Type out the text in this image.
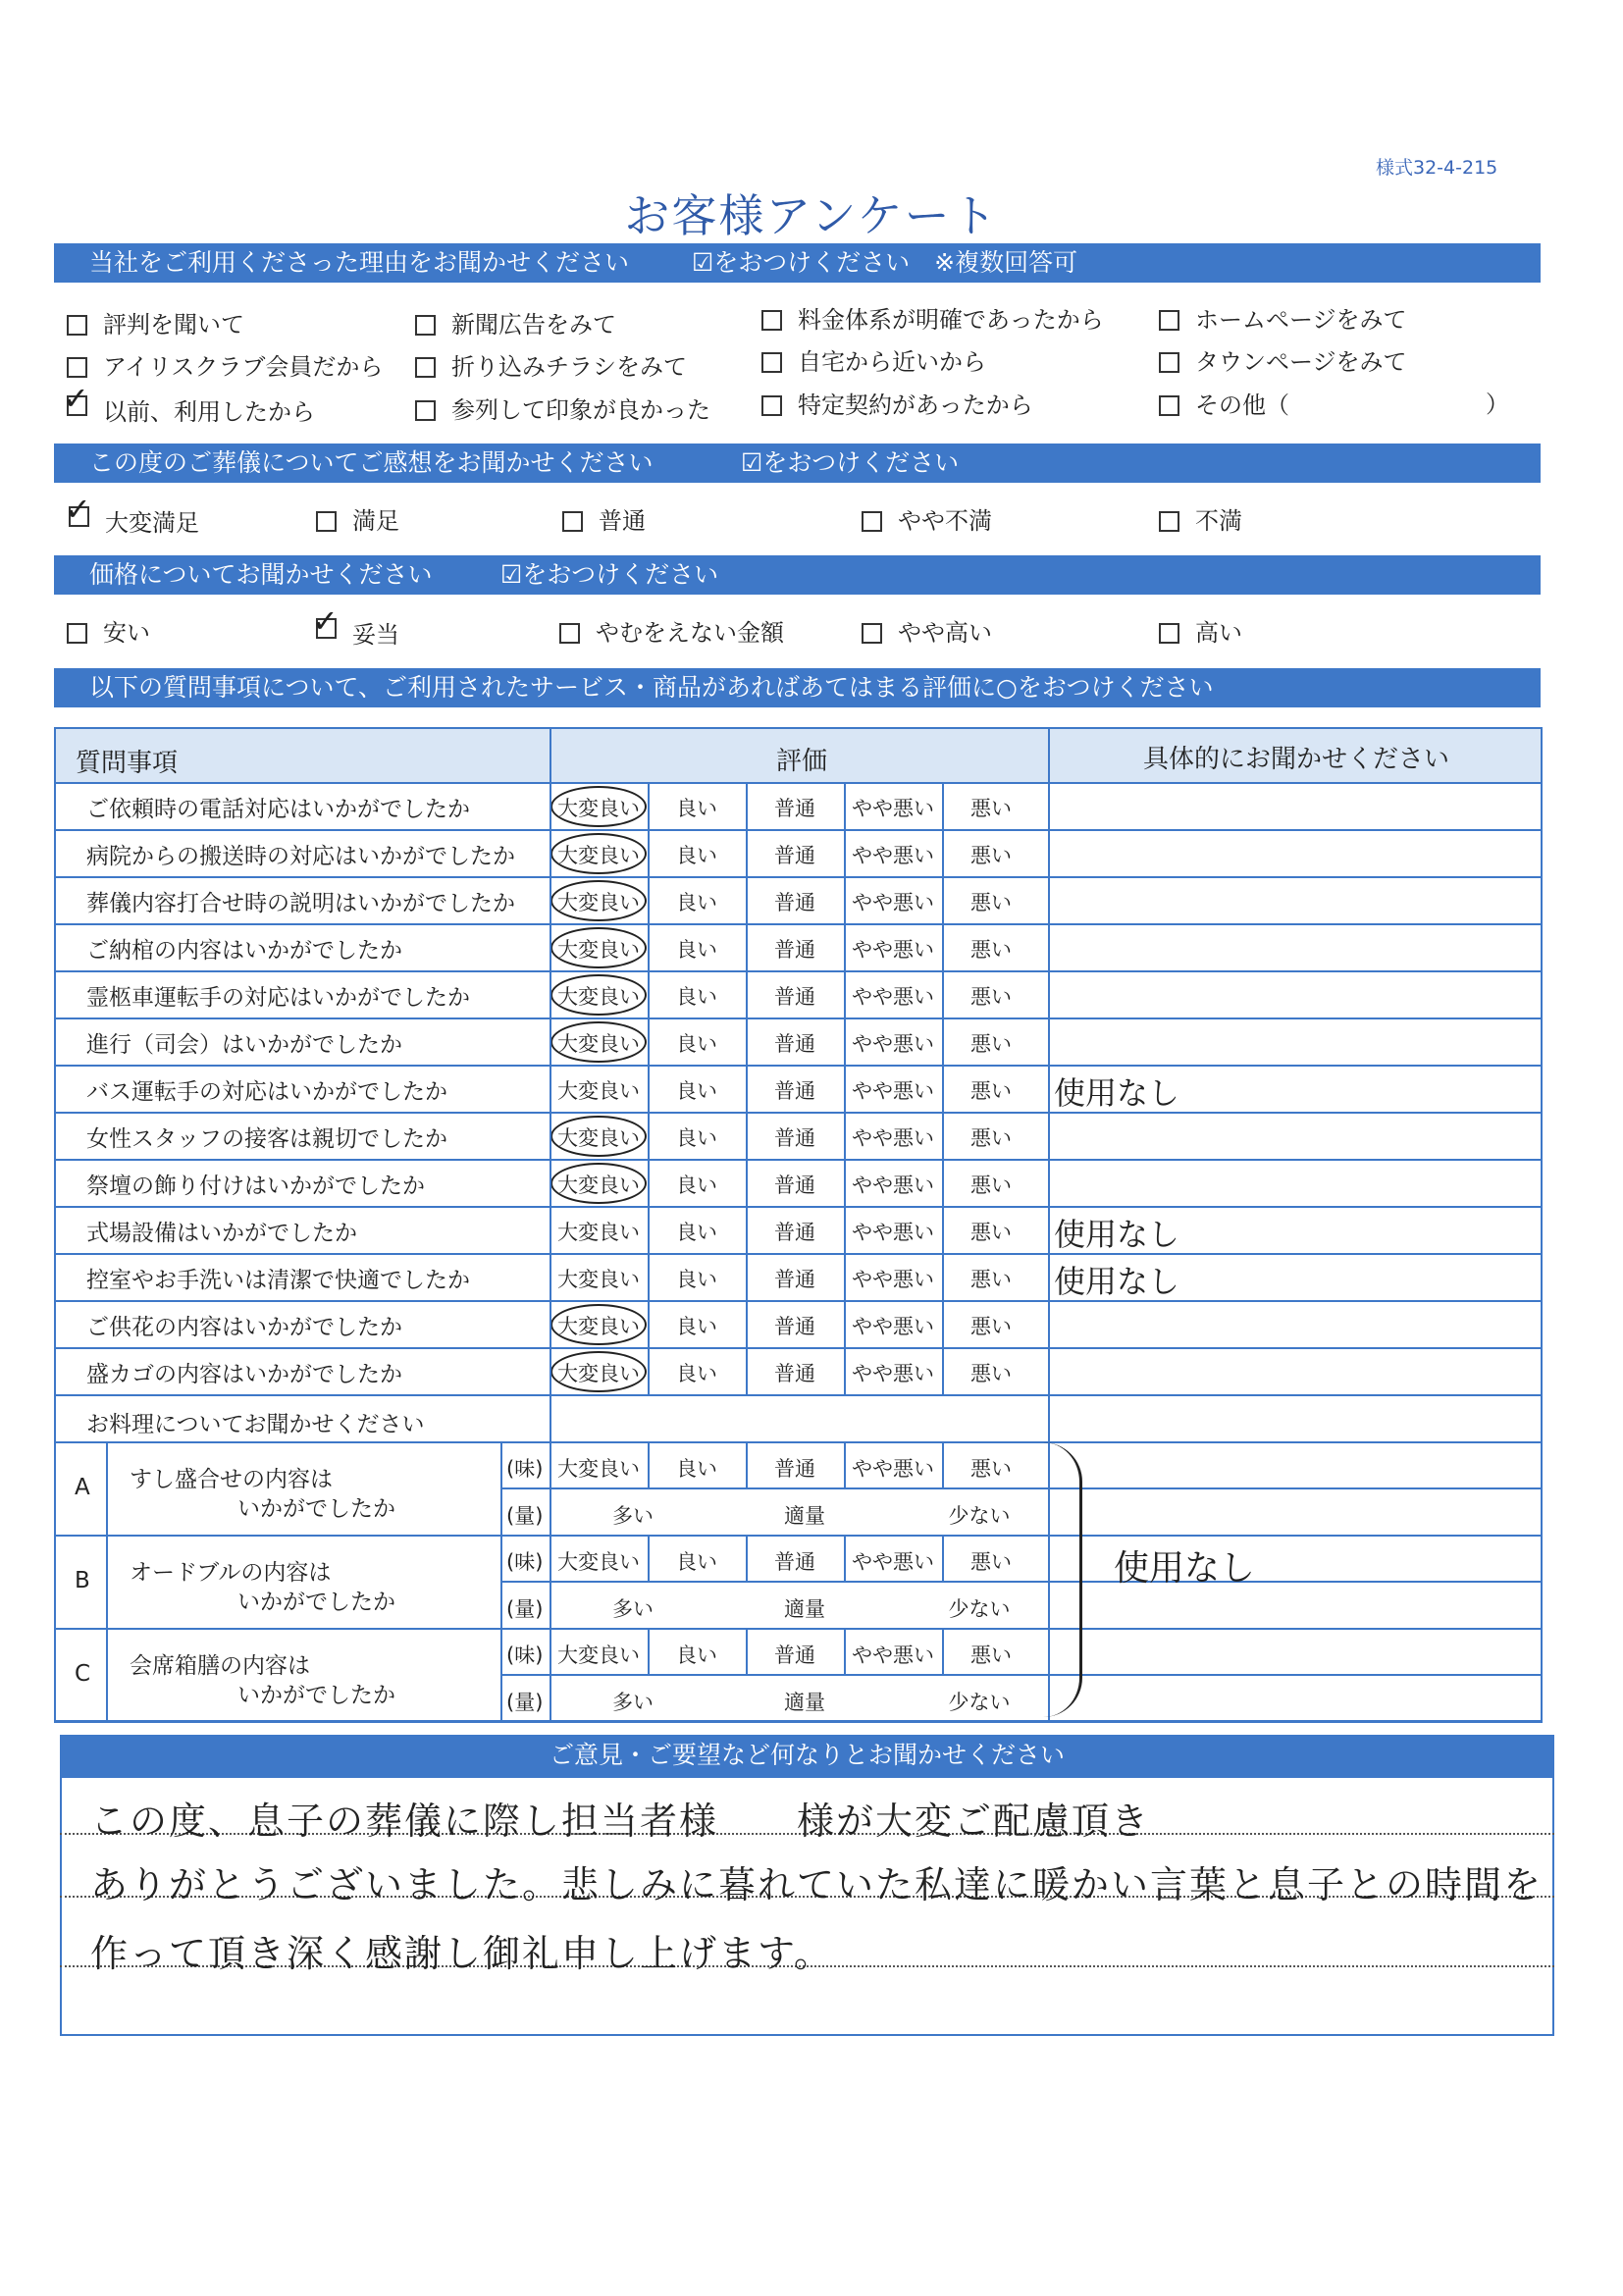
様式32-4-215
お客様アンケート
当社をご利用くださった理由をお聞かせください	☑をおつけください　※複数回答可
評判を聞いて
アイリスクラブ会員だから
✓以前、利用したから
新聞広告をみて
折り込みチラシをみて
参列して印象が良かった
料金体系が明確であったから
自宅から近いから
特定契約があったから
ホームページをみて
タウンページをみて
その他（	）
この度のご葬儀についてご感想をお聞かせください	☑をおつけください
✓大変満足	満足	普通	やや不満	不満
価格についてお聞かせください	☑をおつけください
安い
✓	妥当	やむをえない金額	やや高い	高い
以下の質問事項について、ご利用されたサービス・商品があればあてはまる評価に○をおつけください
質問事項	評価	具体的にお聞かせください
ご依頼時の電話対応はいかがでしたか	大変良い	良い	普通	やや悪い	悪い
病院からの搬送時の対応はいかがでしたか	大変良い	良い	普通	やや悪い	悪い
葬儀内容打合せ時の説明はいかがでしたか	大変良い	良い	普通	やや悪い	悪い
ご納棺の内容はいかがでしたか	大変良い	良い	普通	やや悪い	悪い
霊柩車運転手の対応はいかがでしたか	大変良い	良い	普通	やや悪い	悪い
進行（司会）はいかがでしたか	大変良い	良い	普通	やや悪い	悪い
バス運転手の対応はいかがでしたか	大変良い	良い	普通	やや悪い	悪い	使用なし
女性スタッフの接客は親切でしたか	大変良い	良い	普通	やや悪い	悪い
祭壇の飾り付けはいかがでしたか	大変良い	良い	普通	やや悪い	悪い
式場設備はいかがでしたか	大変良い	良い	普通	やや悪い	悪い	使用なし
控室やお手洗いは清潔で快適でしたか	大変良い	良い	普通	やや悪い	悪い	使用なし
ご供花の内容はいかがでしたか	大変良い	良い	普通	やや悪い	悪い
盛カゴの内容はいかがでしたか	大変良い	良い	普通	やや悪い	悪い
お料理についてお聞かせください
A すし盛合せの内容は
いかがでしたか
(味)
(量)
大変良い	良い	普通	やや悪い	悪い
多い	適量	少ない
B オードブルの内容は
いかがでしたか
(味)
(量)
大変良い	良い	普通	やや悪い	悪い
多い	適量	少ない
C 会席箱膳の内容は
いかがでしたか
(味)
(量)
大変良い	良い	普通	やや悪い	悪い
多い	適量	少ない
使用なし
ご意見・ご要望など何なりとお聞かせください
この度、息子の葬儀に際し担当者様　　様が大変ご配慮頂き
ありがとうございました。悲しみに暮れていた私達に暖かい言葉と息子との時間を
作って頂き深く感謝し御礼申し上げます。
